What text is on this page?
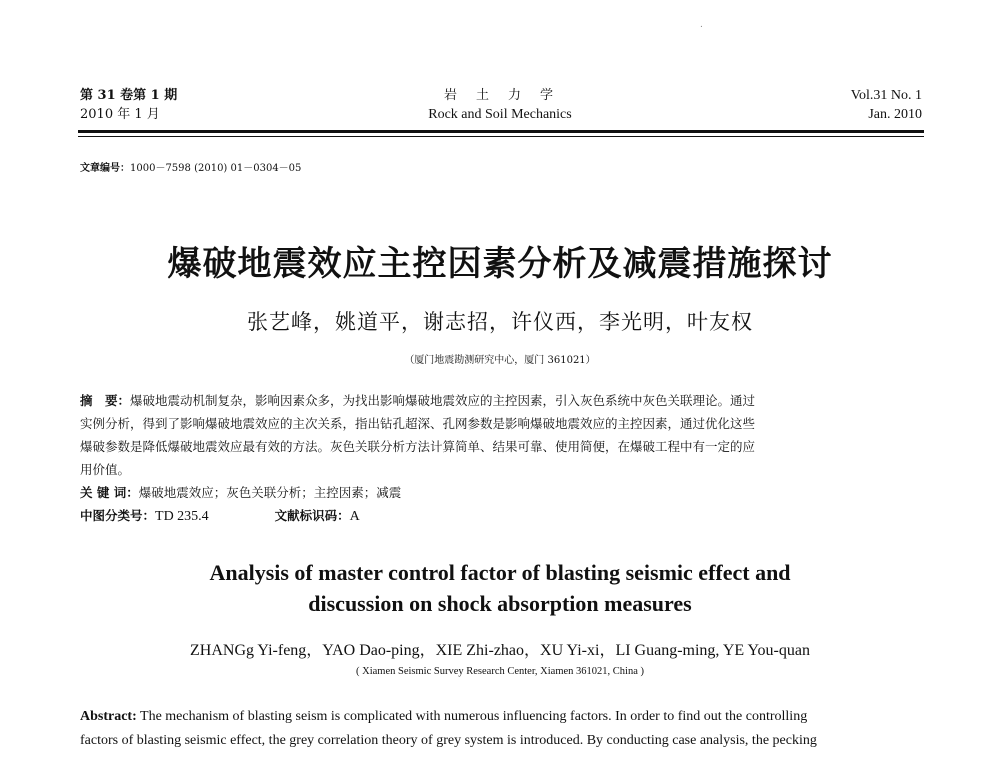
.
第 31 卷第 1 期
2010 年 1 月
岩　土　力　学
Rock and Soil Mechanics
Vol.31 No. 1
Jan. 2010
文章编号：1000－7598 (2010) 01－0304－05
爆破地震效应主控因素分析及减震措施探讨
张艺峰，姚道平，谢志招，许仪西，李光明，叶友权
（厦门地震勘测研究中心，厦门 361021）
摘　要：爆破地震动机制复杂，影响因素众多，为找出影响爆破地震效应的主控因素，引入灰色系统中灰色关联理论。通过
实例分析，得到了影响爆破地震效应的主次关系，指出钻孔超深、孔网参数是影响爆破地震效应的主控因素，通过优化这些
爆破参数是降低爆破地震效应最有效的方法。灰色关联分析方法计算简单、结果可靠、使用简便，在爆破工程中有一定的应
用价值。
关 键 词：爆破地震效应；灰色关联分析；主控因素；减震
中图分类号：TD 235.4	文献标识码：A
Analysis of master control factor of blasting seismic effect and
discussion on shock absorption measures
ZHANGg Yi-feng，YAO Dao-ping，XIE Zhi-zhao，XU Yi-xi，LI Guang-ming, YE You-quan
( Xiamen Seismic Survey Research Center, Xiamen 361021, China )
Abstract: The mechanism of blasting seism is complicated with numerous influencing factors. In order to find out the controlling
factors of blasting seismic effect, the grey correlation theory of grey system is introduced. By conducting case analysis, the pecking
